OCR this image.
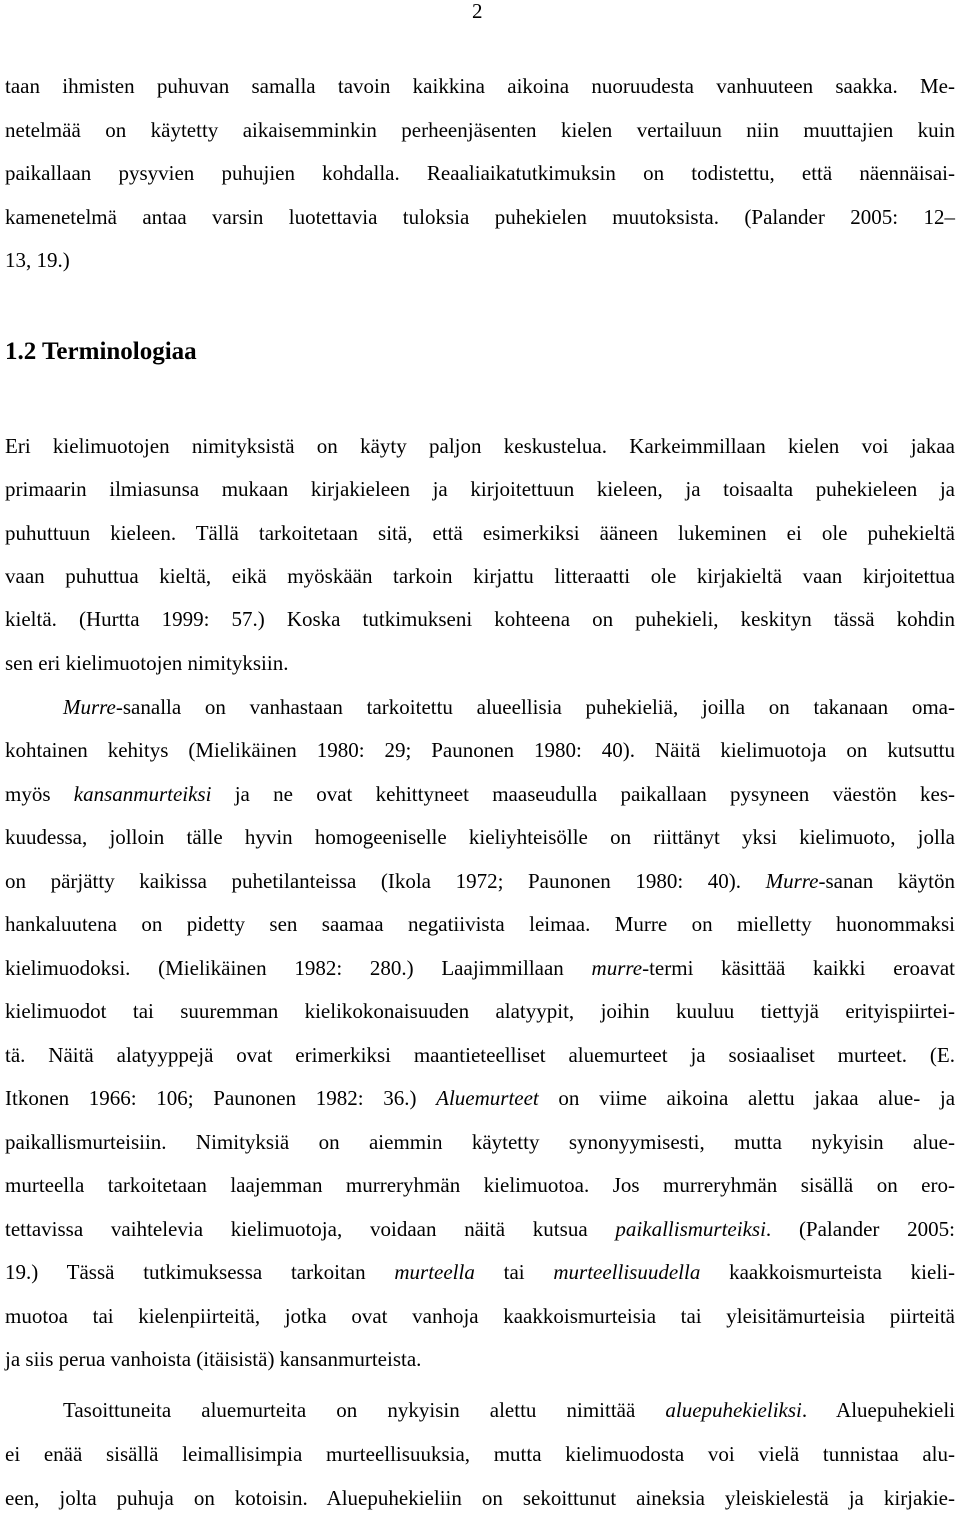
2
taan ihmisten puhuvan samalla tavoin kaikkina aikoina nuoruudesta vanhuuteen saakka. Me-
netelmää on käytetty aikaisemminkin perheenjäsenten kielen vertailuun niin muuttajien kuin
paikallaan pysyvien puhujien kohdalla. Reaaliaikatutkimuksin on todistettu, että näennäisai-
kamenetelmä antaa varsin luotettavia tuloksia puhekielen muutoksista. (Palander 2005: 12–
13, 19.)
1.2 Terminologiaa
Eri kielimuotojen nimityksistä on käyty paljon keskustelua. Karkeimmillaan kielen voi jakaa
primaarin ilmiasunsa mukaan kirjakieleen ja kirjoitettuun kieleen, ja toisaalta puhekieleen ja
puhuttuun kieleen. Tällä tarkoitetaan sitä, että esimerkiksi ääneen lukeminen ei ole puhekieltä
vaan puhuttua kieltä, eikä myöskään tarkoin kirjattu litteraatti ole kirjakieltä vaan kirjoitettua
kieltä. (Hurtta 1999: 57.) Koska tutkimukseni kohteena on puhekieli, keskityn tässä kohdin
sen eri kielimuotojen nimityksiin.
Murre-sanalla on vanhastaan tarkoitettu alueellisia puhekieliä, joilla on takanaan oma-
kohtainen kehitys (Mielikäinen 1980: 29; Paunonen 1980: 40). Näitä kielimuotoja on kutsuttu
myös kansanmurteiksi ja ne ovat kehittyneet maaseudulla paikallaan pysyneen väestön kes-
kuudessa, jolloin tälle hyvin homogeeniselle kieliyhteisölle on riittänyt yksi kielimuoto, jolla
on pärjätty kaikissa puhetilanteissa (Ikola 1972; Paunonen 1980: 40). Murre-sanan käytön
hankaluutena on pidetty sen saamaa negatiivista leimaa. Murre on mielletty huonommaksi
kielimuodoksi. (Mielikäinen 1982: 280.) Laajimmillaan murre-termi käsittää kaikki eroavat
kielimuodot tai suuremman kielikokonaisuuden alatyypit, joihin kuuluu tiettyjä erityispiirtei-
tä. Näitä alatyyppejä ovat erimerkiksi maantieteelliset aluemurteet ja sosiaaliset murteet. (E.
Itkonen 1966: 106; Paunonen 1982: 36.) Aluemurteet on viime aikoina alettu jakaa alue- ja
paikallismurteisiin. Nimityksiä on aiemmin käytetty synonyymisesti, mutta nykyisin alue-
murteella tarkoitetaan laajemman murreryhmän kielimuotoa. Jos murreryhmän sisällä on ero-
tettavissa vaihtelevia kielimuotoja, voidaan näitä kutsua paikallismurteiksi. (Palander 2005:
19.) Tässä tutkimuksessa tarkoitan murteella tai murteellisuudella kaakkoismurteista kieli-
muotoa tai kielenpiirteitä, jotka ovat vanhoja kaakkoismurteisia tai yleisitämurteisia piirteitä
ja siis perua vanhoista (itäisistä) kansanmurteista.
Tasoittuneita aluemurteita on nykyisin alettu nimittää aluepuhekieliksi. Aluepuhekieli
ei enää sisällä leimallisimpia murteellisuuksia, mutta kielimuodosta voi vielä tunnistaa alu-
een, jolta puhuja on kotoisin. Aluepuhekieliin on sekoittunut aineksia yleiskielestä ja kirjakie-
